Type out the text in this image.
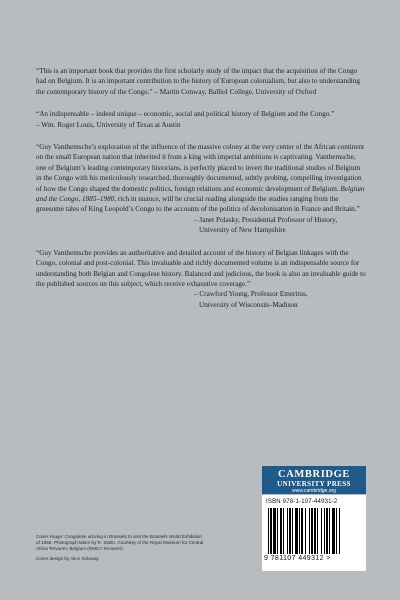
“This is an important book that provides the first scholarly study of the impact that the acquisition of the Congo had on Belgium. It is an important contribution to the history of European colonialism, but also to understanding the contemporary history of the Congo.” – Martin Conway, Balliol College, University of Oxford

“An indispensable – indeed unique – economic, social and political history of Belgium and the Congo.” – Wm. Roger Louis, University of Texas at Austin

“Guy Vanthemsche’s exploration of the influence of the massive colony at the very center of the African continent on the small European nation that inherited it from a king with imperial ambitions is captivating. Vanthemsche, one of Belgium’s leading contemporary historians, is perfectly placed to invert the traditional studies of Belgium in the Congo with his meticulously researched, thoroughly documented, subtly probing, compelling investigation of how the Congo shaped the domestic politics, foreign relations and economic development of Belgium. Belgium and the Congo, 1885–1980, rich in nuance, will be crucial reading alongside the studies ranging from the gruesome tales of King Leopold’s Congo to the accounts of the politics of decolonisation in France and Britain.”

– Janet Polasky, Presidential Professor of History,
University of New Hampshire

“Guy Vanthemsche provides an authoritative and detailed account of the history of Belgian linkages with the Congo, colonial and post-colonial. This invaluable and richly documented volume is an indispensable source for understanding both Belgian and Congolese history. Balanced and judicious, the book is also an invaluable guide to the published sources on this subject, which receive exhaustive coverage.”

– Crawford Young, Professor Emeritus,
University of Wisconsin–Madison
Cover image: Congolese arriving in Brussels to visit the Brussels World Exhibition of 1958. Photograph taken by R. Stalin. Courtesy of the Royal Museum for Central Africa Tervuren, Belgium (RMCA Tervuren).
Cover design by Alice Soloway
CAMBRIDGE
UNIVERSITY PRESS
www.cambridge.org
ISBN 978-1-107-44931-2
9 781107 449312 >
